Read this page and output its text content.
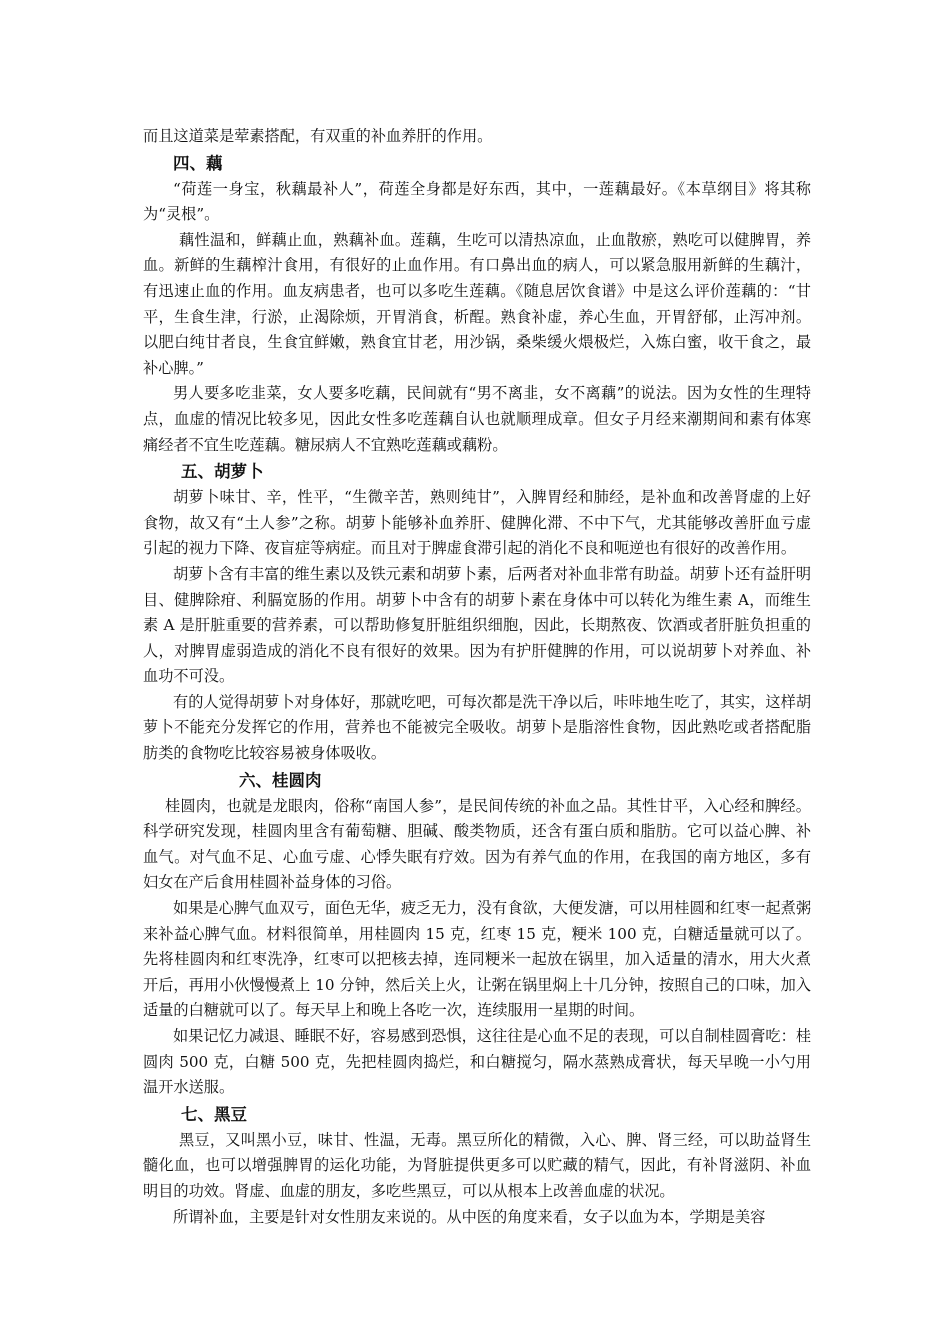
而且这道菜是荤素搭配，有双重的补血养肝的作用。

四、藕

“荷莲一身宝，秋藕最补人”，荷莲全身都是好东西，其中，一莲藕最好。《本草纲目》将其称为“灵根”。

藕性温和，鲜藕止血，熟藕补血。莲藕，生吃可以清热凉血，止血散瘀，熟吃可以健脾胃，养血。新鲜的生藕榨汁食用，有很好的止血作用。有口鼻出血的病人，可以紧急服用新鲜的生藕汁，有迅速止血的作用。血友病患者，也可以多吃生莲藕。《随息居饮食谱》中是这么评价莲藕的：“甘平，生食生津，行淤，止渴除烦，开胃消食，析酲。熟食补虚，养心生血，开胃舒郁，止泻冲剂。以肥白纯甘者良，生食宜鲜嫩，熟食宜甘老，用沙锅，桑柴缓火煨极烂，入炼白蜜，收干食之，最补心脾。”

男人要多吃韭菜，女人要多吃藕，民间就有“男不离韭，女不离藕”的说法。因为女性的生理特点，血虚的情况比较多见，因此女性多吃莲藕自认也就顺理成章。但女子月经来潮期间和素有体寒痛经者不宜生吃莲藕。糖尿病人不宜熟吃莲藕或藕粉。

五、胡萝卜

胡萝卜味甘、辛，性平，“生微辛苦，熟则纯甘”，入脾胃经和肺经，是补血和改善肾虚的上好食物，故又有“土人参”之称。胡萝卜能够补血养肝、健脾化滞、不中下气，尤其能够改善肝血亏虚引起的视力下降、夜盲症等病症。而且对于脾虚食滞引起的消化不良和呃逆也有很好的改善作用。

胡萝卜含有丰富的维生素以及铁元素和胡萝卜素，后两者对补血非常有助益。胡萝卜还有益肝明目、健脾除疳、利膈宽肠的作用。胡萝卜中含有的胡萝卜素在身体中可以转化为维生素 A，而维生素 A 是肝脏重要的营养素，可以帮助修复肝脏组织细胞，因此，长期熬夜、饮酒或者肝脏负担重的人，对脾胃虚弱造成的消化不良有很好的效果。因为有护肝健脾的作用，可以说胡萝卜对养血、补血功不可没。

有的人觉得胡萝卜对身体好，那就吃吧，可每次都是洗干净以后，咔咔地生吃了，其实，这样胡萝卜不能充分发挥它的作用，营养也不能被完全吸收。胡萝卜是脂溶性食物，因此熟吃或者搭配脂肪类的食物吃比较容易被身体吸收。

六、桂圆肉

桂圆肉，也就是龙眼肉，俗称“南国人参”，是民间传统的补血之品。其性甘平，入心经和脾经。科学研究发现，桂圆肉里含有葡萄糖、胆碱、酸类物质，还含有蛋白质和脂肪。它可以益心脾、补血气。对气血不足、心血亏虚、心悸失眠有疗效。因为有养气血的作用，在我国的南方地区，多有妇女在产后食用桂圆补益身体的习俗。

如果是心脾气血双亏，面色无华，疲乏无力，没有食欲，大便发溏，可以用桂圆和红枣一起煮粥来补益心脾气血。材料很简单，用桂圆肉 15 克，红枣 15 克，粳米 100 克，白糖适量就可以了。先将桂圆肉和红枣洗净，红枣可以把核去掉，连同粳米一起放在锅里，加入适量的清水，用大火煮开后，再用小伙慢慢煮上 10 分钟，然后关上火，让粥在锅里焖上十几分钟，按照自己的口味，加入适量的白糖就可以了。每天早上和晚上各吃一次，连续服用一星期的时间。

如果记忆力减退、睡眠不好，容易感到恐惧，这往往是心血不足的表现，可以自制桂圆膏吃：桂圆肉 500 克，白糖 500 克，先把桂圆肉捣烂，和白糖搅匀，隔水蒸熟成膏状，每天早晚一小勺用温开水送服。

七、黑豆

黑豆，又叫黑小豆，味甘、性温，无毒。黑豆所化的精微，入心、脾、肾三经，可以助益肾生髓化血，也可以增强脾胃的运化功能，为肾脏提供更多可以贮藏的精气，因此，有补肾滋阴、补血明目的功效。肾虚、血虚的朋友，多吃些黑豆，可以从根本上改善血虚的状况。

所谓补血，主要是针对女性朋友来说的。从中医的角度来看，女子以血为本，学期是美容
